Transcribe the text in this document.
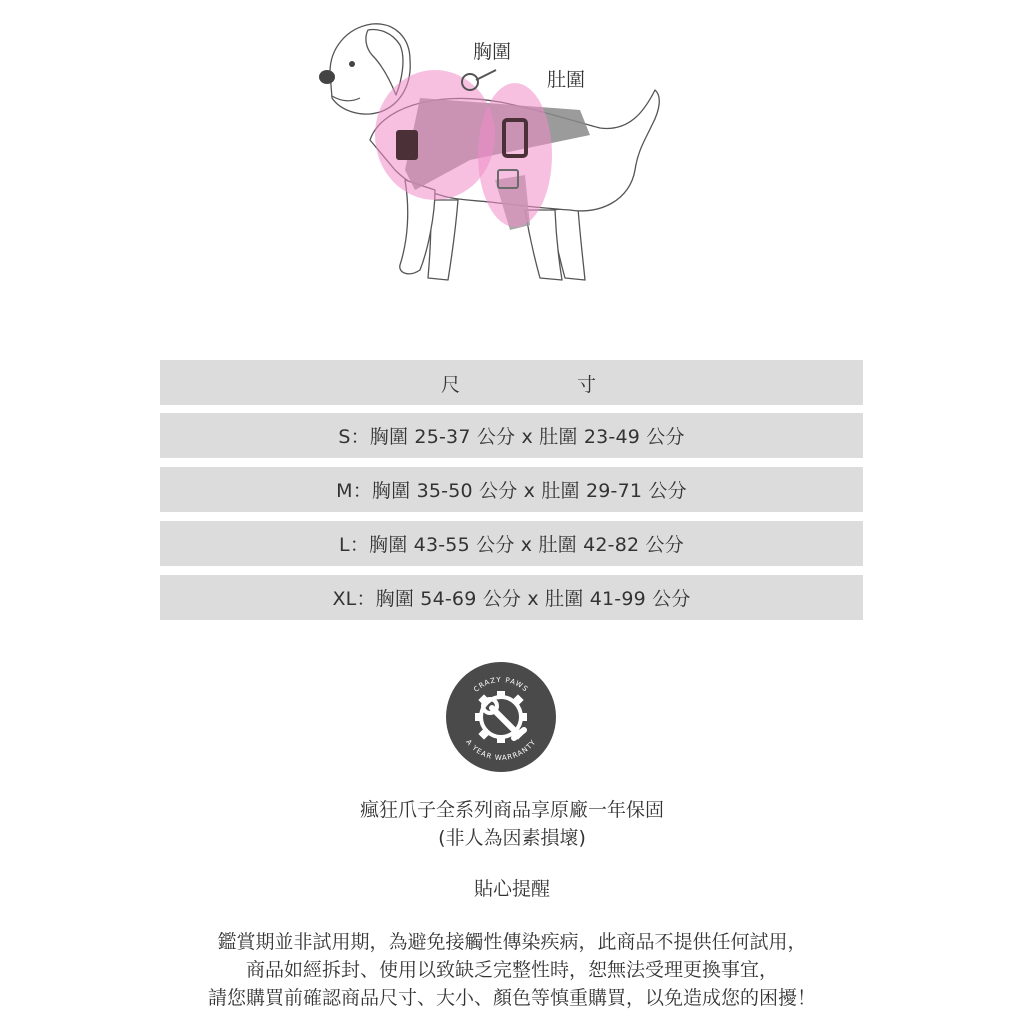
胸圍
肚圍
尺	寸
S：胸圍 25-37 公分 x 肚圍 23-49 公分
M：胸圍 35-50 公分 x 肚圍 29-71 公分
L：胸圍 43-55 公分 x 肚圍 42-82 公分
XL：胸圍 54-69 公分 x 肚圍 41-99 公分
CRAZY PAWS
A YEAR WARRANTY
瘋狂爪子全系列商品享原廠一年保固
(非人為因素損壞)
貼心提醒
鑑賞期並非試用期，為避免接觸性傳染疾病，此商品不提供任何試用，
商品如經拆封、使用以致缺乏完整性時，恕無法受理更換事宜，
請您購買前確認商品尺寸、大小、顏色等慎重購買，以免造成您的困擾！
